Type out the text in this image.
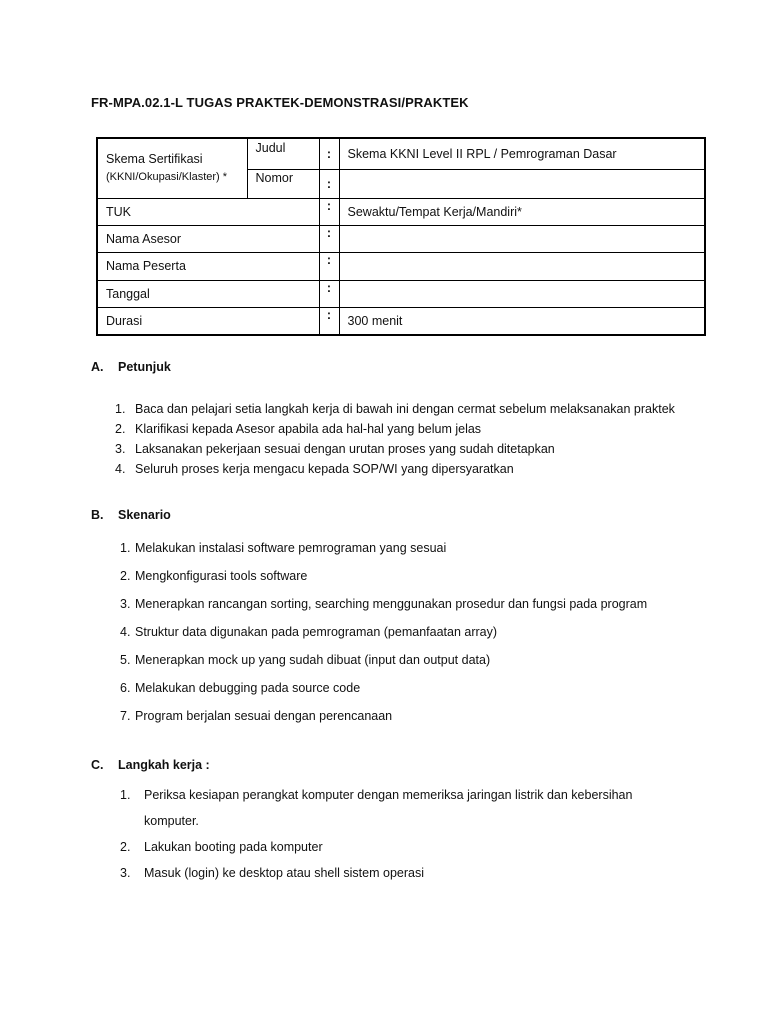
FR-MPA.02.1-L TUGAS PRAKTEK-DEMONSTRASI/PRAKTEK
Skema Sertifikasi
(KKNI/Okupasi/Klaster) *	Judul	:	Skema KKNI Level II RPL / Pemrograman Dasar
	Nomor	:	
TUK		:	Sewaktu/Tempat Kerja/Mandiri*
Nama Asesor		:	
Nama Peserta		:	
Tanggal		:	
Durasi		:	300 menit
A. Petunjuk
1. Baca dan pelajari setia langkah kerja di bawah ini dengan cermat sebelum melaksanakan praktek
2. Klarifikasi kepada Asesor apabila ada hal-hal yang belum jelas
3. Laksanakan pekerjaan sesuai dengan urutan proses yang sudah ditetapkan
4. Seluruh proses kerja mengacu kepada SOP/WI yang dipersyaratkan
B. Skenario
1. Melakukan instalasi software pemrograman yang sesuai
2. Mengkonfigurasi tools software
3. Menerapkan rancangan sorting, searching menggunakan prosedur dan fungsi pada program
4. Struktur data digunakan pada pemrograman (pemanfaatan array)
5. Menerapkan mock up yang sudah dibuat (input dan output data)
6. Melakukan debugging pada source code
7. Program berjalan sesuai dengan perencanaan
C. Langkah kerja :
1. Periksa kesiapan perangkat komputer dengan memeriksa jaringan listrik dan kebersihan
komputer.
2. Lakukan booting pada komputer
3. Masuk (login) ke desktop atau shell sistem operasi
